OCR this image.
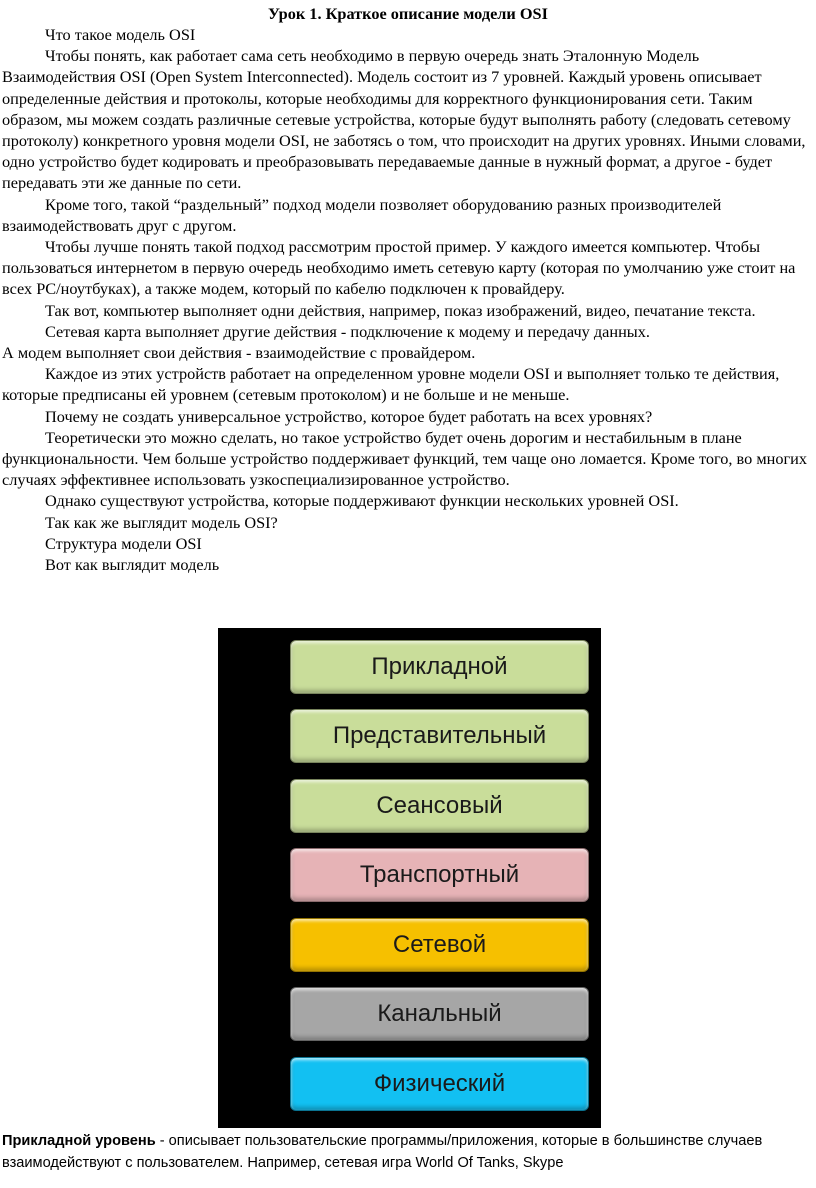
Урок 1. Краткое описание модели OSI

Что такое модель OSI

Чтобы понять, как работает сама сеть необходимо в первую очередь знать Эталонную Модель Взаимодействия OSI (Open System Interconnected). Модель состоит из 7 уровней. Каждый уровень описывает определенные действия и протоколы, которые необходимы для корректного функционирования сети. Таким образом, мы можем создать различные сетевые устройства, которые будут выполнять работу (следовать сетевому протоколу) конкретного уровня модели OSI, не заботясь о том, что происходит на других уровнях. Иными словами, одно устройство будет кодировать и преобразовывать передаваемые данные в нужный формат, а другое - будет передавать эти же данные по сети.

Кроме того, такой “раздельный” подход модели позволяет оборудованию разных производителей взаимодействовать друг с другом.

Чтобы лучше понять такой подход рассмотрим простой пример. У каждого имеется компьютер. Чтобы пользоваться интернетом в первую очередь необходимо иметь сетевую карту (которая по умолчанию уже стоит на всех PC/ноутбуках), а также модем, который по кабелю подключен к провайдеру.

Так вот, компьютер выполняет одни действия, например, показ изображений, видео, печатание текста.

Сетевая карта выполняет другие действия - подключение к модему и передачу данных.

А модем выполняет свои действия - взаимодействие с провайдером.

Каждое из этих устройств работает на определенном уровне модели OSI и выполняет только те действия, которые предписаны ей уровнем (сетевым протоколом) и не больше и не меньше.

Почему не создать универсальное устройство, которое будет работать на всех уровнях?

Теоретически это можно сделать, но такое устройство будет очень дорогим и нестабильным в плане функциональности. Чем больше устройство поддерживает функций, тем чаще оно ломается. Кроме того, во многих случаях эффективнее использовать узкоспециализированное устройство.

Однако существуют устройства, которые поддерживают функции нескольких уровней OSI.

Так как же выглядит модель OSI?

Структура модели OSI

Вот как выглядит модель

Прикладной
Представительный
Сеансовый
Транспортный
Сетевой
Канальный
Физический
Прикладной уровень - описывает пользовательские программы/приложения, которые в большинстве случаев взаимодействуют с пользователем. Например, сетевая игра World Of Tanks, Skype
